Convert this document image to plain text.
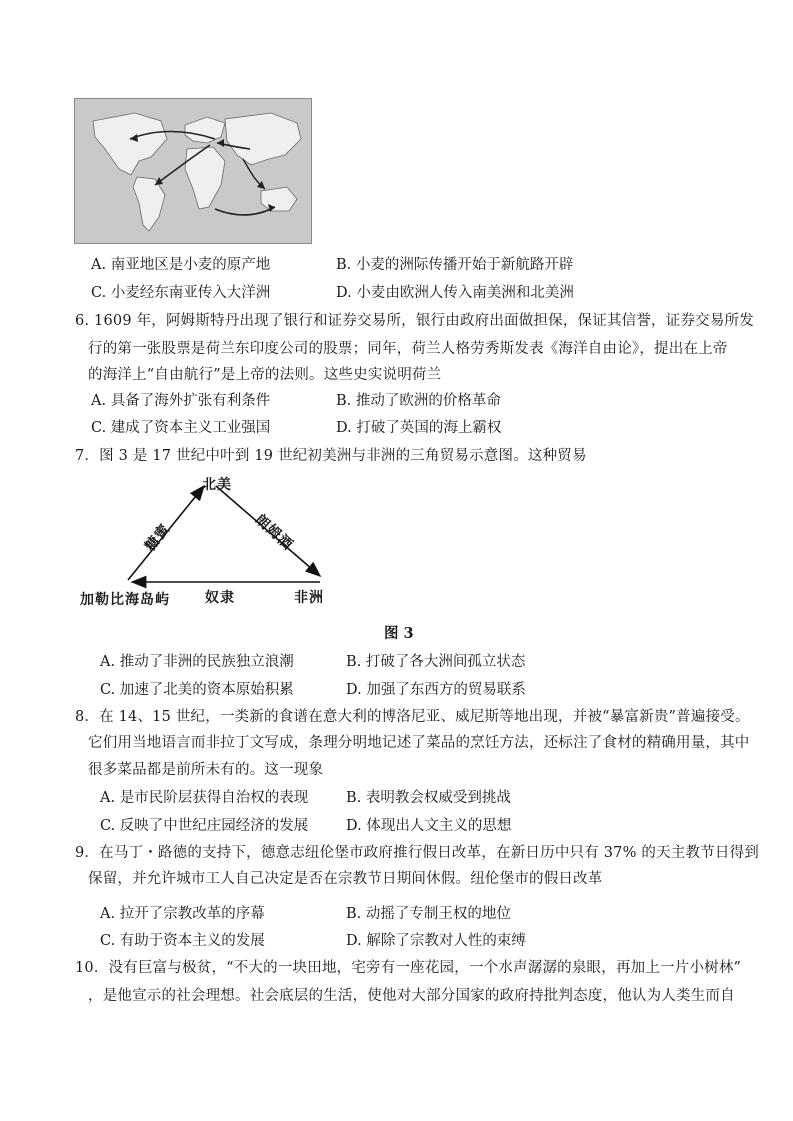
A. 南亚地区是小麦的原产地	B. 小麦的洲际传播开始于新航路开辟
C. 小麦经东南亚传入大洋洲	D. 小麦由欧洲人传入南美洲和北美洲
6. 1609 年，阿姆斯特丹出现了银行和证券交易所，银行由政府出面做担保，保证其信誉，证券交易所发
行的第一张股票是荷兰东印度公司的股票；同年，荷兰人格劳秀斯发表《海洋自由论》，提出在上帝
的海洋上“自由航行”是上帝的法则。这些史实说明荷兰
A. 具备了海外扩张有利条件	B. 推动了欧洲的价格革命
C. 建成了资本主义工业强国	D. 打破了英国的海上霸权
7．图 3 是 17 世纪中叶到 19 世纪初美洲与非洲的三角贸易示意图。这种贸易
北美
加勒比海岛屿	非洲
糖蜜	朗姆酒
奴隶
图 3
A. 推动了非洲的民族独立浪潮	B. 打破了各大洲间孤立状态
C. 加速了北美的资本原始积累	D. 加强了东西方的贸易联系
8．在 14、15 世纪，一类新的食谱在意大利的博洛尼亚、威尼斯等地出现，并被“暴富新贵”普遍接受。
它们用当地语言而非拉丁文写成，条理分明地记述了菜品的烹饪方法，还标注了食材的精确用量，其中
很多菜品都是前所未有的。这一现象
A. 是市民阶层获得自治权的表现	B. 表明教会权威受到挑战
C. 反映了中世纪庄园经济的发展	D. 体现出人文主义的思想
9．在马丁・路德的支持下，德意志纽伦堡市政府推行假日改革，在新日历中只有 37% 的天主教节日得到
保留，并允许城市工人自己决定是否在宗教节日期间休假。纽伦堡市的假日改革
A. 拉开了宗教改革的序幕	B. 动摇了专制王权的地位
C. 有助于资本主义的发展	D. 解除了宗教对人性的束缚
10．没有巨富与极贫，“不大的一块田地，宅旁有一座花园，一个水声潺潺的泉眼，再加上一片小树林”
，是他宣示的社会理想。社会底层的生活，使他对大部分国家的政府持批判态度，他认为人类生而自
